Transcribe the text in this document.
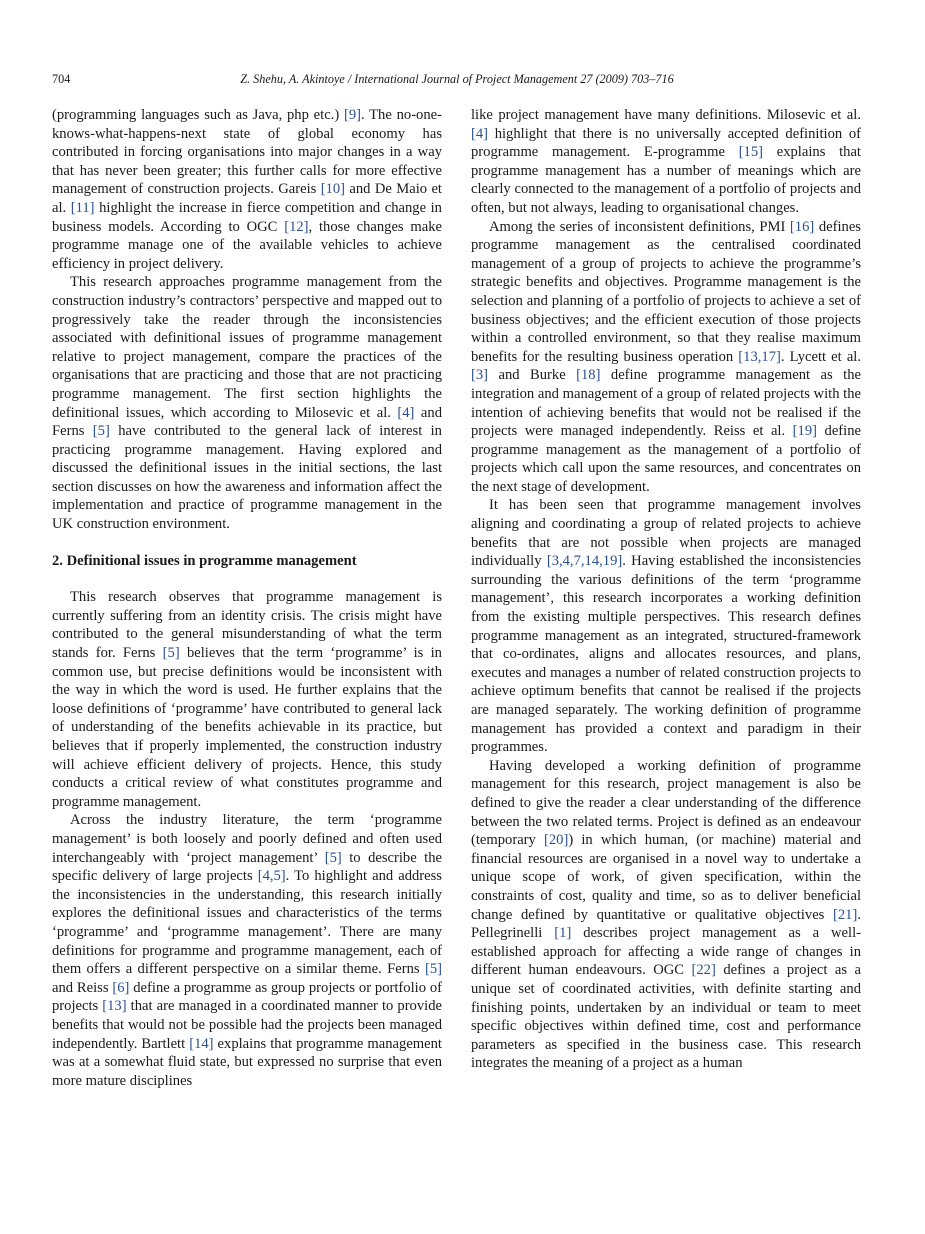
704	Z. Shehu, A. Akintoye / International Journal of Project Management 27 (2009) 703–716

(programming languages such as Java, php etc.) [9]. The no-one-knows-what-happens-next state of global economy has contributed in forcing organisations into major changes in a way that has never been greater; this further calls for more effective management of construction projects. Gareis [10] and De Maio et al. [11] highlight the increase in fierce competition and change in business models. According to OGC [12], those changes make programme manage one of the available vehicles to achieve efficiency in project delivery.

This research approaches programme management from the construction industry’s contractors’ perspective and mapped out to progressively take the reader through the inconsistencies associated with definitional issues of programme management relative to project management, compare the practices of the organisations that are practicing and those that are not practicing programme management. The first section highlights the definitional issues, which according to Milosevic et al. [4] and Ferns [5] have contributed to the general lack of interest in practicing programme management. Having explored and discussed the definitional issues in the initial sections, the last section discusses on how the awareness and information affect the implementation and practice of programme management in the UK construction environment.

2. Definitional issues in programme management

This research observes that programme management is currently suffering from an identity crisis. The crisis might have contributed to the general misunderstanding of what the term stands for. Ferns [5] believes that the term ‘programme’ is in common use, but precise definitions would be inconsistent with the way in which the word is used. He further explains that the loose definitions of ‘programme’ have contributed to general lack of understanding of the benefits achievable in its practice, but believes that if properly implemented, the construction industry will achieve efficient delivery of projects. Hence, this study conducts a critical review of what constitutes programme and programme management.

Across the industry literature, the term ‘programme management’ is both loosely and poorly defined and often used interchangeably with ‘project management’ [5] to describe the specific delivery of large projects [4,5]. To highlight and address the inconsistencies in the understanding, this research initially explores the definitional issues and characteristics of the terms ‘programme’ and ‘programme management’. There are many definitions for programme and programme management, each of them offers a different perspective on a similar theme. Ferns [5] and Reiss [6] define a programme as group projects or portfolio of projects [13] that are managed in a coordinated manner to provide benefits that would not be possible had the projects been managed independently. Bartlett [14] explains that programme management was at a somewhat fluid state, but expressed no surprise that even more mature disciplines

like project management have many definitions. Milosevic et al. [4] highlight that there is no universally accepted definition of programme management. E-programme [15] explains that programme management has a number of meanings which are clearly connected to the management of a portfolio of projects and often, but not always, leading to organisational changes.

Among the series of inconsistent definitions, PMI [16] defines programme management as the centralised coordinated management of a group of projects to achieve the programme’s strategic benefits and objectives. Programme management is the selection and planning of a portfolio of projects to achieve a set of business objectives; and the efficient execution of those projects within a controlled environment, so that they realise maximum benefits for the resulting business operation [13,17]. Lycett et al. [3] and Burke [18] define programme management as the integration and management of a group of related projects with the intention of achieving benefits that would not be realised if the projects were managed independently. Reiss et al. [19] define programme management as the management of a portfolio of projects which call upon the same resources, and concentrates on the next stage of development.

It has been seen that programme management involves aligning and coordinating a group of related projects to achieve benefits that are not possible when projects are managed individually [3,4,7,14,19]. Having established the inconsistencies surrounding the various definitions of the term ‘programme management’, this research incorporates a working definition from the existing multiple perspectives. This research defines programme management as an integrated, structured-framework that co-ordinates, aligns and allocates resources, and plans, executes and manages a number of related construction projects to achieve optimum benefits that cannot be realised if the projects are managed separately. The working definition of programme management has provided a context and paradigm in their programmes.

Having developed a working definition of programme management for this research, project management is also be defined to give the reader a clear understanding of the difference between the two related terms. Project is defined as an endeavour (temporary [20]) in which human, (or machine) material and financial resources are organised in a novel way to undertake a unique scope of work, of given specification, within the constraints of cost, quality and time, so as to deliver beneficial change defined by quantitative or qualitative objectives [21]. Pellegrinelli [1] describes project management as a well-established approach for affecting a wide range of changes in different human endeavours. OGC [22] defines a project as a unique set of coordinated activities, with definite starting and finishing points, undertaken by an individual or team to meet specific objectives within defined time, cost and performance parameters as specified in the business case. This research integrates the meaning of a project as a human
